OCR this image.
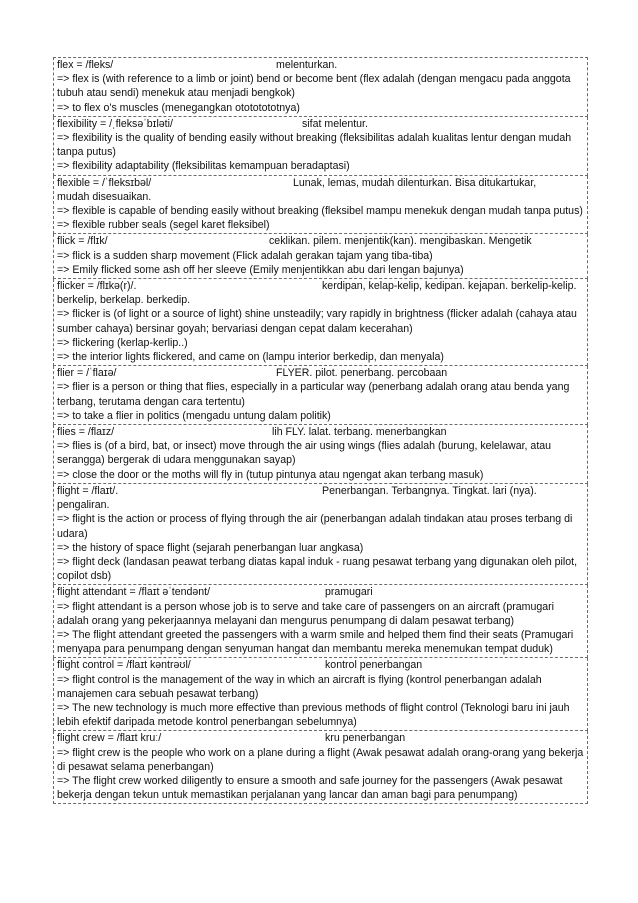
flex = /fleks/	melenturkan.
=> flex is (with reference to a limb or joint) bend or become bent (flex adalah (dengan mengacu pada anggota tubuh atau sendi) menekuk atau menjadi bengkok)
=> to flex o's muscles (menegangkan otototototnya)
flexibility = /ˌfleksəˈbɪləti/	sifat melentur.
=> flexibility is the quality of bending easily without breaking (fleksibilitas adalah kualitas lentur dengan mudah tanpa putus)
=> flexibility adaptability (fleksibilitas kemampuan beradaptasi)
flexible = /ˈfleksɪbəl/	Lunak, lemas, mudah dilenturkan. Bisa ditukartukar,
mudah disesuaikan.
=> flexible is capable of bending easily without breaking (fleksibel mampu menekuk dengan mudah tanpa putus)
=> flexible rubber seals (segel karet fleksibel)
flick = /flɪk/	ceklikan. pilem. menjentik(kan). mengibaskan. Mengetik
=> flick is a sudden sharp movement (Flick adalah gerakan tajam yang tiba-tiba)
=> Emily flicked some ash off her sleeve (Emily menjentikkan abu dari lengan bajunya)
flicker = /flɪkə(r)/.	kerdipan, kelap-kelip, kedipan. kejapan. berkelip-kelip.
berkelip, berkelap. berkedip.
=> flicker is (of light or a source of light) shine unsteadily; vary rapidly in brightness (flicker adalah (cahaya atau sumber cahaya) bersinar goyah; bervariasi dengan cepat dalam kecerahan)
=> flickering (kerlap-kerlip..)
=> the interior lights flickered, and came on (lampu interior berkedip, dan menyala)
flier = /ˈflaɪə/	FLYER. pilot. penerbang. percobaan
=> flier is a person or thing that flies, especially in a particular way (penerbang adalah orang atau benda yang terbang, terutama dengan cara tertentu)
=> to take a flier in politics (mengadu untung dalam politik)
flies = /flaɪz/	lih FLY. lalat. terbang. menerbangkan
=> flies is (of a bird, bat, or insect) move through the air using wings (flies adalah (burung, kelelawar, atau serangga) bergerak di udara menggunakan sayap)
=> close the door or the moths will fly in (tutup pintunya atau ngengat akan terbang masuk)
flight = /flaɪt/.	Penerbangan. Terbangnya. Tingkat. lari (nya).
pengaliran.
=> flight is the action or process of flying through the air (penerbangan adalah tindakan atau proses terbang di udara)
=> the history of space flight (sejarah penerbangan luar angkasa)
=> flight deck (landasan peawat terbang diatas kapal induk - ruang pesawat terbang yang digunakan oleh pilot, copilot dsb)
flight attendant = /flaɪt əˈtendənt/	pramugari
=> flight attendant is a person whose job is to serve and take care of passengers on an aircraft (pramugari adalah orang yang pekerjaannya melayani dan mengurus penumpang di dalam pesawat terbang)
=> The flight attendant greeted the passengers with a warm smile and helped them find their seats (Pramugari menyapa para penumpang dengan senyuman hangat dan membantu mereka menemukan tempat duduk)
flight control = /flaɪt kəntrəʊl/	kontrol penerbangan
=> flight control is the management of the way in which an aircraft is flying (kontrol penerbangan adalah manajemen cara sebuah pesawat terbang)
=> The new technology is much more effective than previous methods of flight control (Teknologi baru ini jauh lebih efektif daripada metode kontrol penerbangan sebelumnya)
flight crew = /flaɪt kruː/	kru penerbangan
=> flight crew is the people who work on a plane during a flight (Awak pesawat adalah orang-orang yang bekerja di pesawat selama penerbangan)
=> The flight crew worked diligently to ensure a smooth and safe journey for the passengers (Awak pesawat bekerja dengan tekun untuk memastikan perjalanan yang lancar dan aman bagi para penumpang)
